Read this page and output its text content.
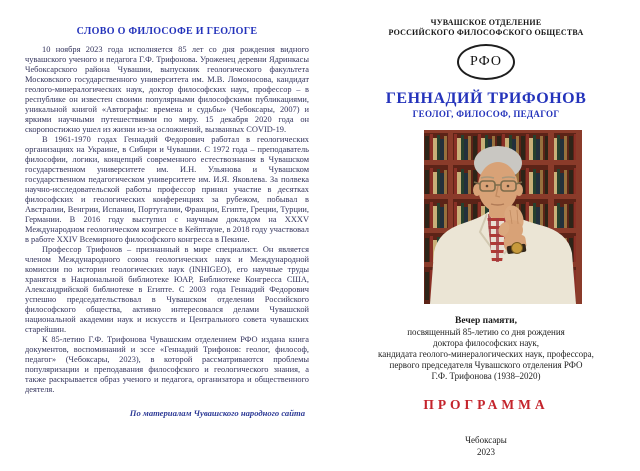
СЛОВО О ФИЛОСОФЕ И ГЕОЛОГЕ

10 ноября 2023 года исполняется 85 лет со дня рождения видного чувашского ученого и педагога Г.Ф. Трифонова. Уроженец деревни Ядринкасы Чебоксарского района Чувашии, выпускник геологического факультета Московского государственного университета им. М.В. Ломоносова, кандидат геолого-минералогических наук, доктор философских наук, профессор – в республике он известен своими популярными философскими публикациями, уникальной книгой «Автографы: времена и судьбы» (Чебоксары, 2007) и яркими научными путешествиями по миру. 15 декабря 2020 года он скоропостижно ушел из жизни из-за осложнений, вызванных COVID-19.

В 1961-1970 годах Геннадий Федорович работал в геологических организациях на Украине, в Сибири и Чувашии. С 1972 года – преподаватель философии, логики, концепций современного естествознания в Чувашском государственном университете им. И.Н. Ульянова и Чувашском государственном педагогическом университете им. И.Я. Яковлева. За полвека научно-исследовательской работы профессор принял участие в десятках философских и геологических конференциях за рубежом, побывал в Австралии, Венгрии, Испании, Португалии, Франции, Египте, Греции, Турции, Германии. В 2016 году выступил с научным докладом на XXXV Международном геологическом конгрессе в Кейптауне, в 2018 году участвовал в работе XXIV Всемирного философского конгресса в Пекине.

Профессор Трифонов – признанный в мире специалист. Он является членом Международного союза геологических наук и Международной комиссии по истории геологических наук (INHIGEO), его научные труды хранятся в Национальной библиотеке ЮАР, Библиотеке Конгресса США, Александрийской библиотеке в Египте. С 2003 года Геннадий Федорович успешно председательствовал в Чувашском отделении Российского философского общества, активно интересовался делами Чувашской национальной академии наук и искусств и Центрального совета чувашских старейшин.

К 85-летию Г.Ф. Трифонова Чувашским отделением РФО издана книга документов, воспоминаний и эссе «Геннадий Трифонов: геолог, философ, педагог» (Чебоксары, 2023), в которой рассматриваются проблемы популяризации и преподавания философского и геологического знания, а также раскрывается образ ученого и педагога, организатора и общественного деятеля.

По материалам Чувашского народного сайта
ЧУВАШСКОЕ ОТДЕЛЕНИЕ
РОССИЙСКОГО ФИЛОСОФСКОГО ОБЩЕСТВА
РФО
ГЕННАДИЙ ТРИФОНОВ
ГЕОЛОГ, ФИЛОСОФ, ПЕДАГОГ
Вечер памяти,
посвященный 85-летию со дня рождения
доктора философских наук,
кандидата геолого-минералогических наук, профессора,
первого председателя Чувашского отделения РФО
Г.Ф. Трифонова (1938–2020)
ПРОГРАММА
Чебоксары
2023
